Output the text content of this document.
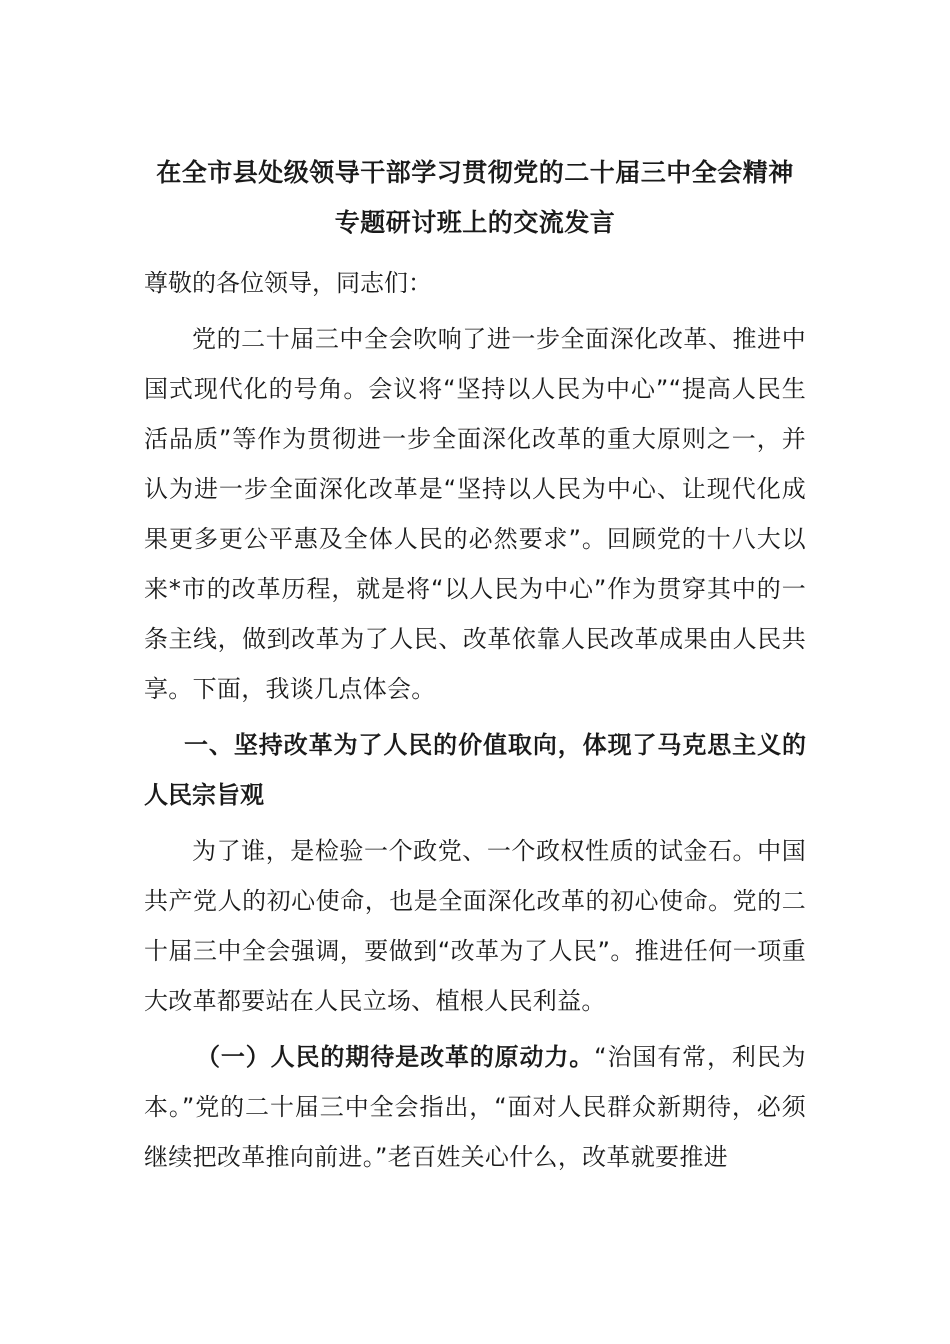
在全市县处级领导干部学习贯彻党的二十届三中全会精神
专题研讨班上的交流发言

尊敬的各位领导，同志们：

党的二十届三中全会吹响了进一步全面深化改革、推进中国式现代化的号角。会议将“坚持以人民为中心”“提高人民生活品质”等作为贯彻进一步全面深化改革的重大原则之一，并认为进一步全面深化改革是“坚持以人民为中心、让现代化成果更多更公平惠及全体人民的必然要求”。回顾党的十八大以来*市的改革历程，就是将“以人民为中心”作为贯穿其中的一条主线，做到改革为了人民、改革依靠人民改革成果由人民共享。下面，我谈几点体会。

一、坚持改革为了人民的价值取向，体现了马克思主义的人民宗旨观

为了谁，是检验一个政党、一个政权性质的试金石。中国共产党人的初心使命，也是全面深化改革的初心使命。党的二十届三中全会强调，要做到“改革为了人民”。推进任何一项重大改革都要站在人民立场、植根人民利益。

（一）人民的期待是改革的原动力。“治国有常，利民为本。”党的二十届三中全会指出，“面对人民群众新期待，必须继续把改革推向前进。”老百姓关心什么，改革就要推进
